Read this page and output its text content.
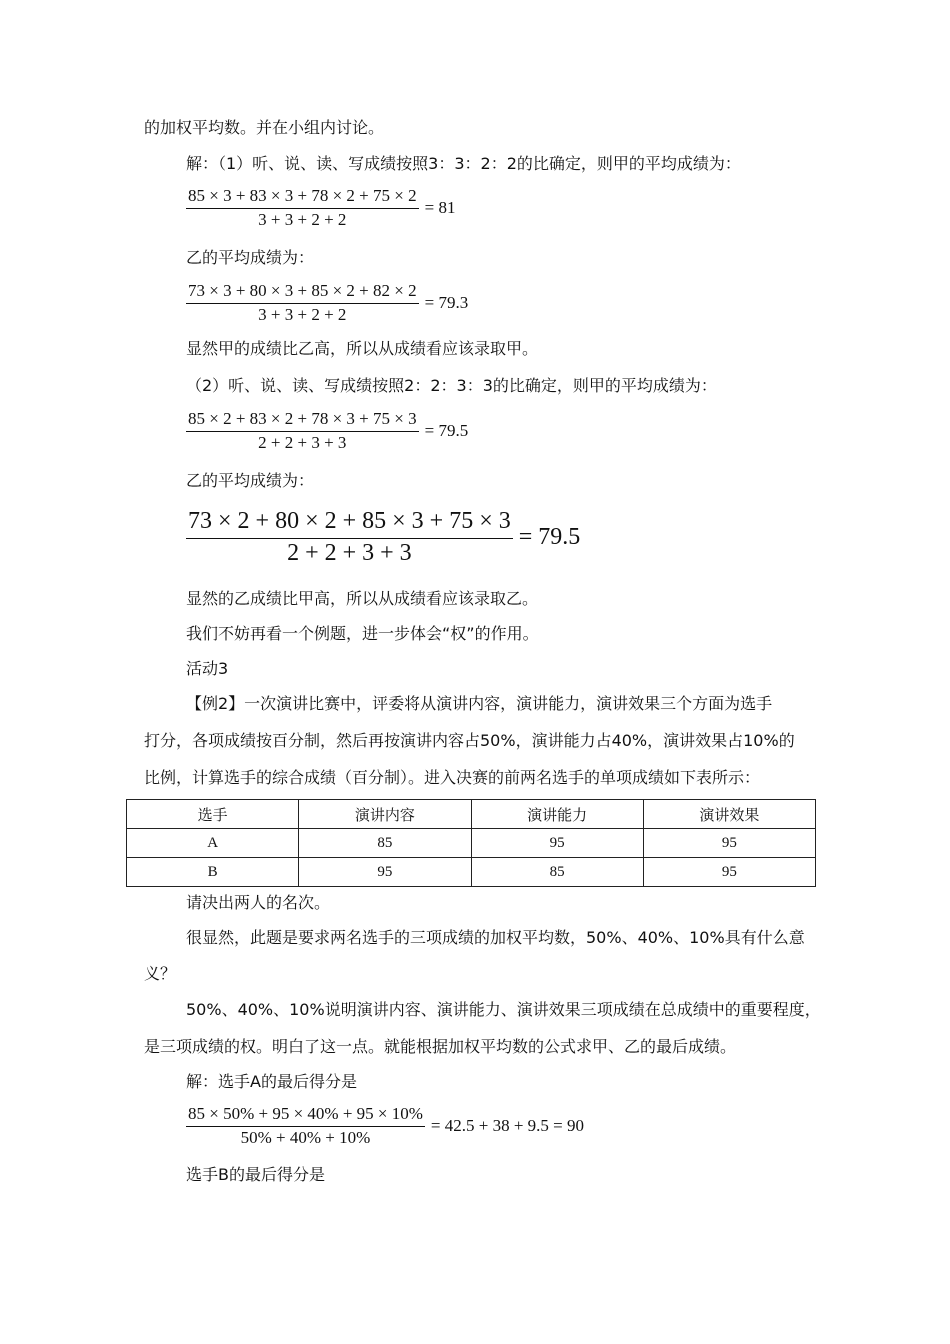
的加权平均数。并在小组内讨论。
解：（1）听、说、读、写成绩按照3：3：2：2的比确定，则甲的平均成绩为：
$\frac{85 \times 3 + 83 \times 3 + 78 \times 2 + 75 \times 2}{3 + 3 + 2 + 2} = 81$
乙的平均成绩为：
$\frac{73 \times 3 + 80 \times 3 + 85 \times 2 + 82 \times 2}{3 + 3 + 2 + 2} = 79.3$
显然甲的成绩比乙高，所以从成绩看应该录取甲。
（2）听、说、读、写成绩按照2：2：3：3的比确定，则甲的平均成绩为：
$\frac{85 \times 2 + 83 \times 2 + 78 \times 3 + 75 \times 3}{2 + 2 + 3 + 3} = 79.5$
乙的平均成绩为：
$\frac{73 \times 2 + 80 \times 2 + 85 \times 3 + 75 \times 3}{2 + 2 + 3 + 3} = 79.5$
显然的乙成绩比甲高，所以从成绩看应该录取乙。
我们不妨再看一个例题，进一步体会“权”的作用。
活动3
【例2】一次演讲比赛中，评委将从演讲内容，演讲能力，演讲效果三个方面为选手
打分，各项成绩按百分制，然后再按演讲内容占50%，演讲能力占40%，演讲效果占10%的
比例，计算选手的综合成绩（百分制）。进入决赛的前两名选手的单项成绩如下表所示：
选手	演讲内容	演讲能力	演讲效果
A	85	95	95
B	95	85	95
请决出两人的名次。
很显然，此题是要求两名选手的三项成绩的加权平均数，50%、40%、10%具有什么意
义？
50%、40%、10%说明演讲内容、演讲能力、演讲效果三项成绩在总成绩中的重要程度，
是三项成绩的权。明白了这一点。就能根据加权平均数的公式求甲、乙的最后成绩。
解：选手A的最后得分是
$\frac{85 \times 50\% + 95 \times 40\% + 95 \times 10\%}{50\% + 40\% + 10\%} = 42.5 + 38 + 9.5 = 90$
选手B的最后得分是
